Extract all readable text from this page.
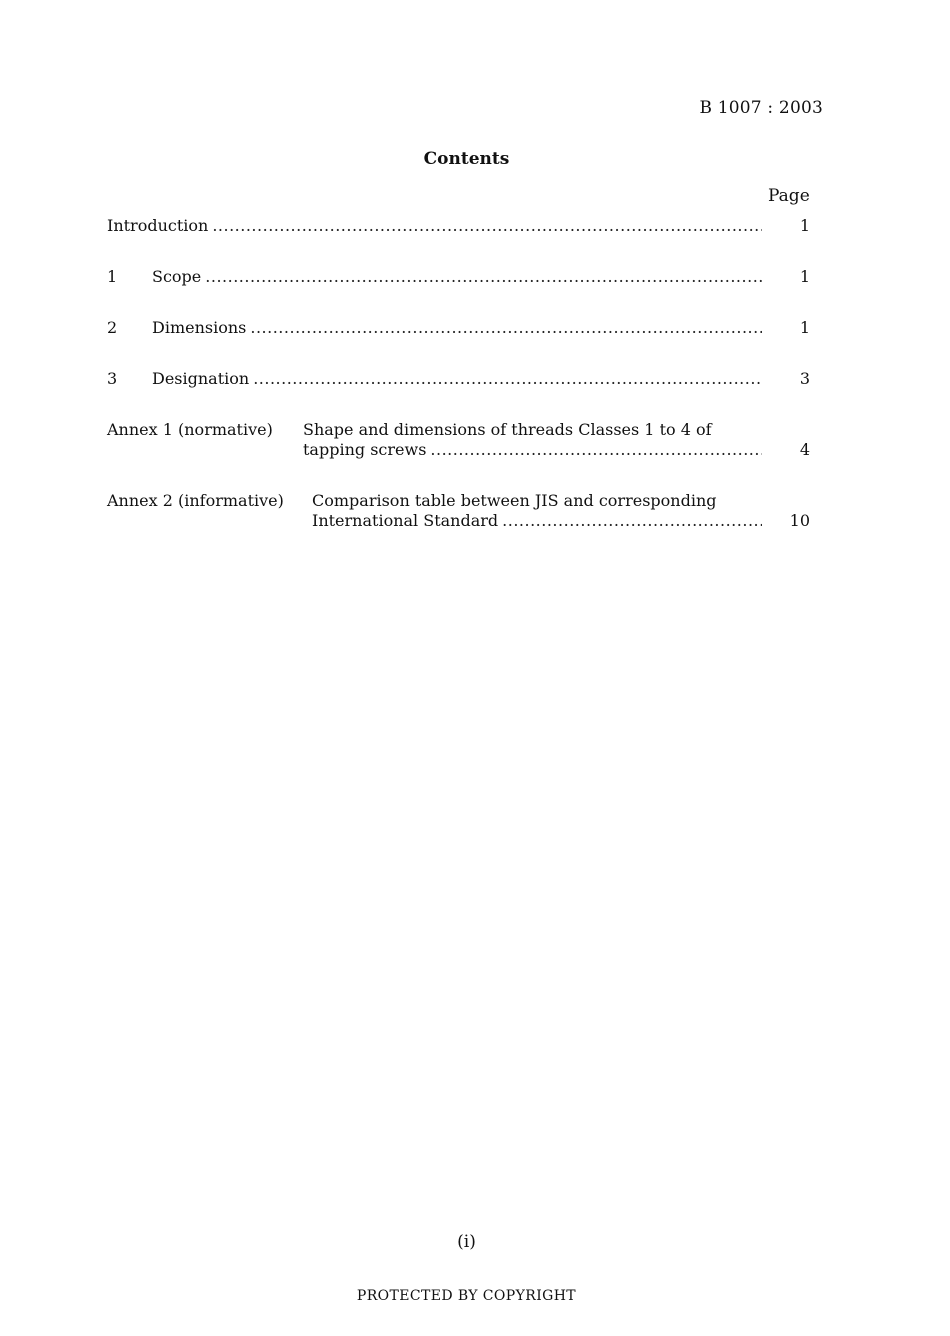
B 1007 : 2003
Contents
Page
Introduction .....	1
1 Scope .....	1
2 Dimensions .....	1
3 Designation .....	3
Annex 1 (normative) Shape and dimensions of threads Classes 1 to 4 of
tapping screws .....	4
Annex 2 (informative) Comparison table between JIS and corresponding
International Standard .....	10
(i)
PROTECTED BY COPYRIGHT
